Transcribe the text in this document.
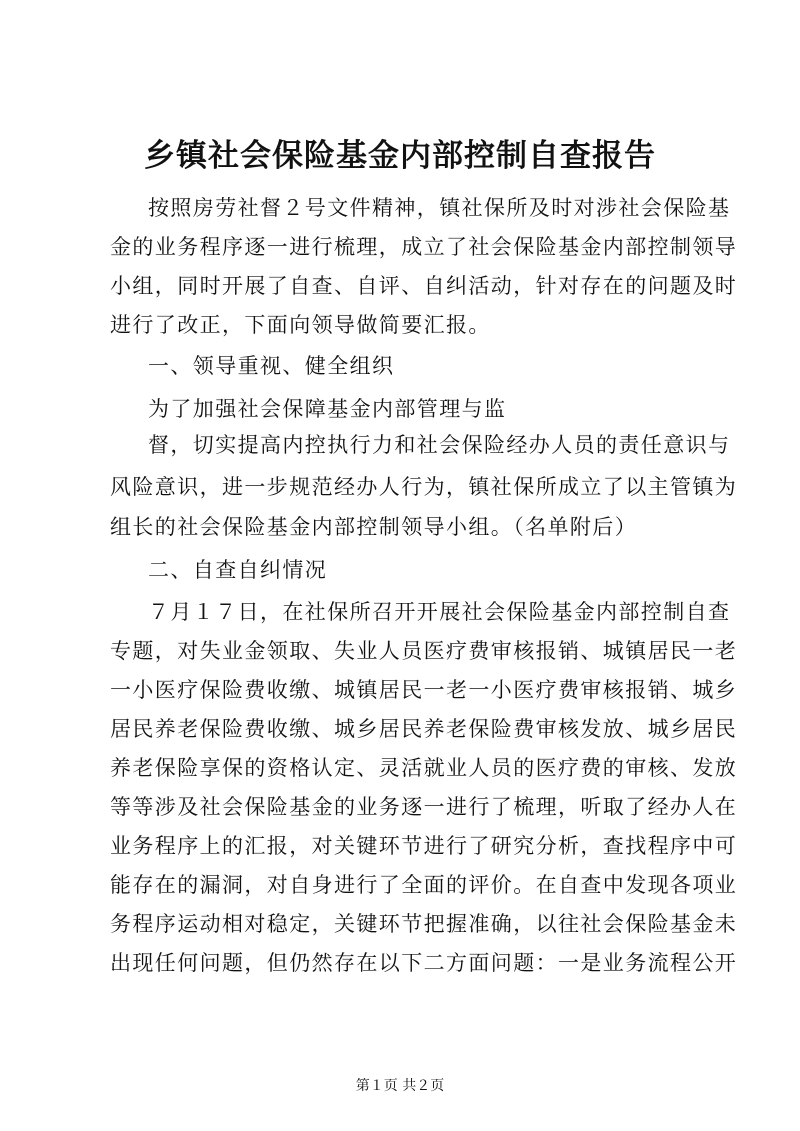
乡镇社会保险基金内部控制自查报告
按照房劳社督２号文件精神，镇社保所及时对涉社会保险基
金的业务程序逐一进行梳理，成立了社会保险基金内部控制领导
小组，同时开展了自查、自评、自纠活动，针对存在的问题及时
进行了改正，下面向领导做简要汇报。
一、领导重视、健全组织
为了加强社会保障基金内部管理与监
督，切实提高内控执行力和社会保险经办人员的责任意识与
风险意识，进一步规范经办人行为，镇社保所成立了以主管镇为
组长的社会保险基金内部控制领导小组。（名单附后）
二、自查自纠情况
７月１７日，在社保所召开开展社会保险基金内部控制自查
专题，对失业金领取、失业人员医疗费审核报销、城镇居民一老
一小医疗保险费收缴、城镇居民一老一小医疗费审核报销、城乡
居民养老保险费收缴、城乡居民养老保险费审核发放、城乡居民
养老保险享保的资格认定、灵活就业人员的医疗费的审核、发放
等等涉及社会保险基金的业务逐一进行了梳理，听取了经办人在
业务程序上的汇报，对关键环节进行了研究分析，查找程序中可
能存在的漏洞，对自身进行了全面的评价。在自查中发现各项业
务程序运动相对稳定，关键环节把握准确，以往社会保险基金未
出现任何问题，但仍然存在以下二方面问题：一是业务流程公开
第１页 共２页
